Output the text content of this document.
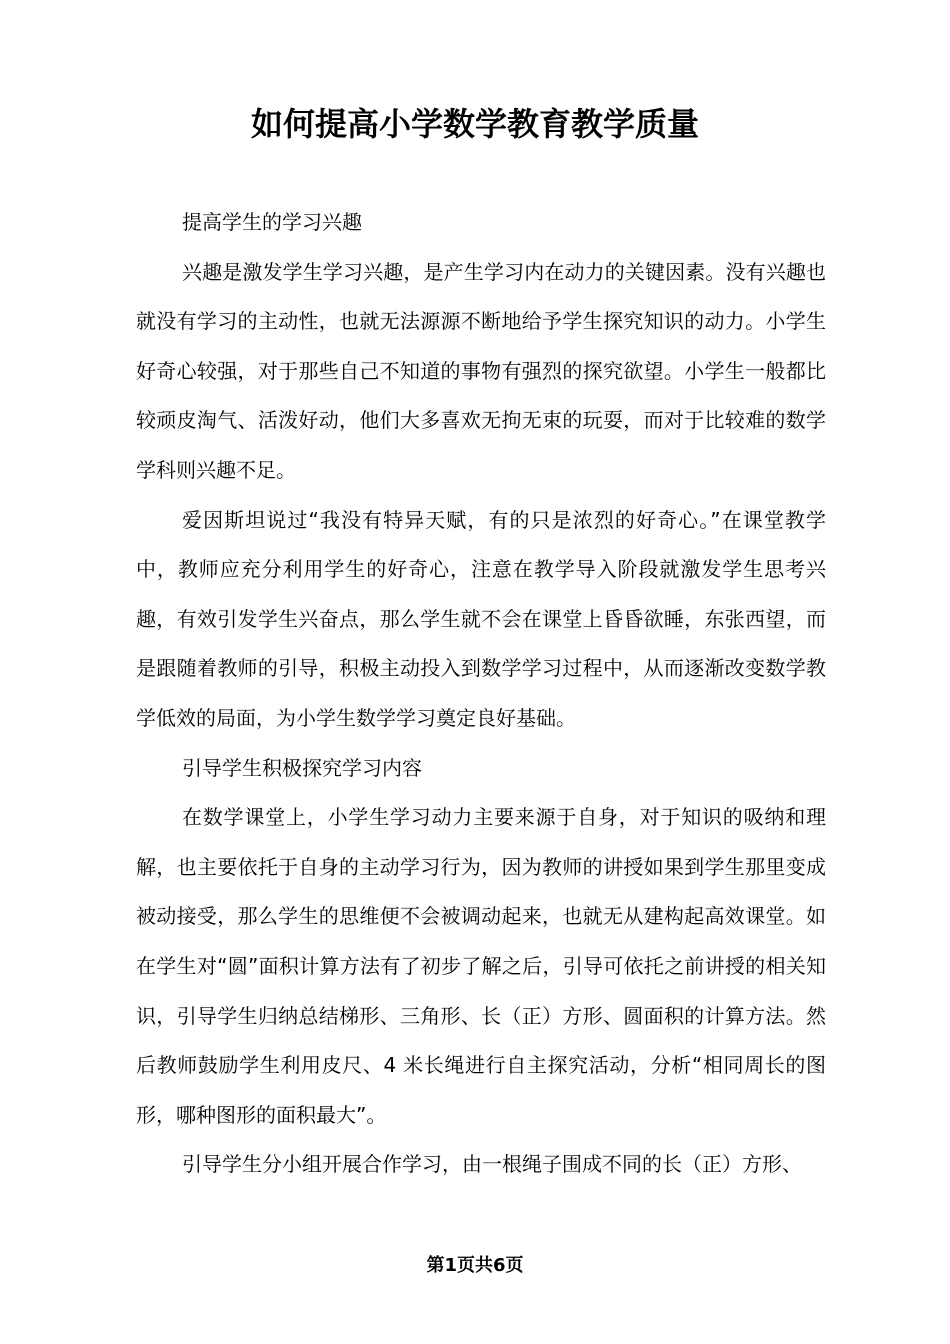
如何提高小学数学教育教学质量

提高学生的学习兴趣

兴趣是激发学生学习兴趣，是产生学习内在动力的关键因素。没有兴趣也就没有学习的主动性，也就无法源源不断地给予学生探究知识的动力。小学生好奇心较强，对于那些自己不知道的事物有强烈的探究欲望。小学生一般都比较顽皮淘气、活泼好动，他们大多喜欢无拘无束的玩耍，而对于比较难的数学学科则兴趣不足。

爱因斯坦说过“我没有特异天赋，有的只是浓烈的好奇心。”在课堂教学中，教师应充分利用学生的好奇心，注意在教学导入阶段就激发学生思考兴趣，有效引发学生兴奋点，那么学生就不会在课堂上昏昏欲睡，东张西望，而是跟随着教师的引导，积极主动投入到数学学习过程中，从而逐渐改变数学教学低效的局面，为小学生数学学习奠定良好基础。

引导学生积极探究学习内容

在数学课堂上，小学生学习动力主要来源于自身，对于知识的吸纳和理解，也主要依托于自身的主动学习行为，因为教师的讲授如果到学生那里变成被动接受，那么学生的思维便不会被调动起来，也就无从建构起高效课堂。如在学生对“圆”面积计算方法有了初步了解之后，引导可依托之前讲授的相关知识，引导学生归纳总结梯形、三角形、长（正）方形、圆面积的计算方法。然后教师鼓励学生利用皮尺、4 米长绳进行自主探究活动，分析“相同周长的图形，哪种图形的面积最大”。

引导学生分小组开展合作学习，由一根绳子围成不同的长（正）方形、

第1页共6页
